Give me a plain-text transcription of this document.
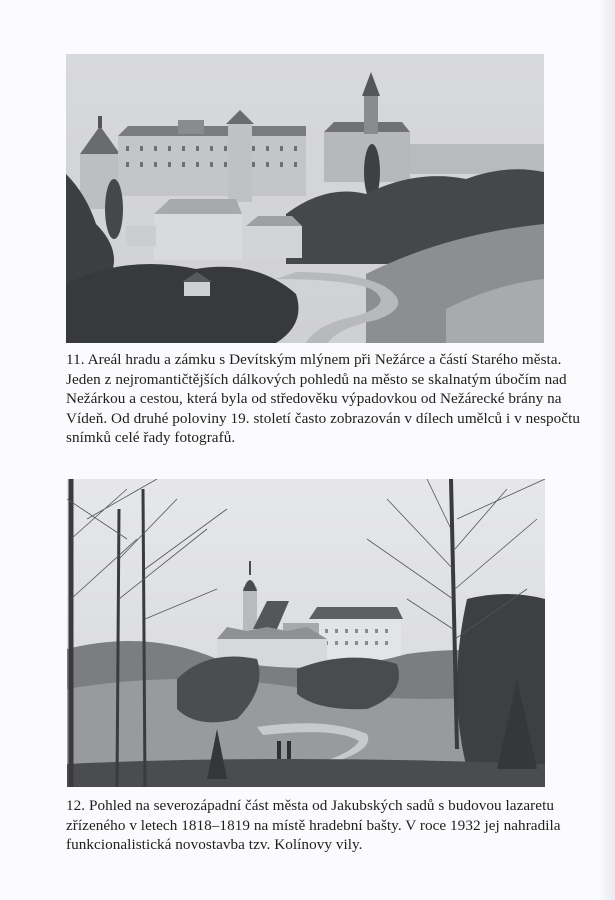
11. Areál hradu a zámku s Devítským mlýnem při Nežárce a částí Starého města.
Jeden z nejromantičtějších dálkových pohledů na město se skalnatým úbočím nad
Nežárkou a cestou, která byla od středověku výpadovkou od Nežárecké brány na
Vídeň. Od druhé poloviny 19. století často zobrazován v dílech umělců i v nespočtu
snímků celé řady fotografů.

12. Pohled na severozápadní část města od Jakubských sadů s budovou lazaretu
zřízeného v letech 1818–1819 na místě hradební bašty. V roce 1932 jej nahradila
funkcionalistická novostavba tzv. Kolínovy vily.
